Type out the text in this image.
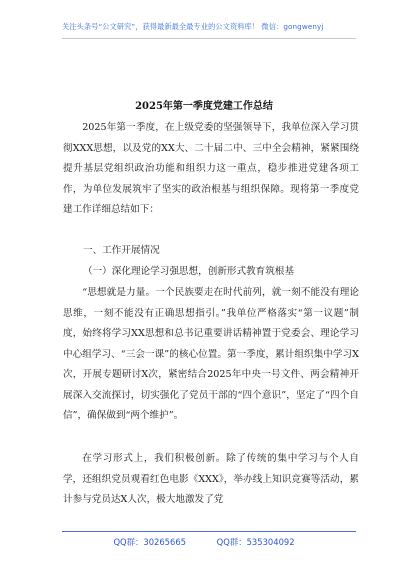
关注头条号“公文研究”，获得最新最全最专业的公文资料库！ 微信：gongwenyj
2025年第一季度党建工作总结

2025年第一季度，在上级党委的坚强领导下，我单位深入学习贯彻XXX思想，以及党的XX大、二十届二中、三中全会精神，紧紧围绕提升基层党组织政治功能和组织力这一重点，稳步推进党建各项工作，为单位发展筑牢了坚实的政治根基与组织保障。现将第一季度党建工作详细总结如下：

一、工作开展情况

（一）深化理论学习强思想，创新形式教育筑根基

“思想就是力量。一个民族要走在时代前列，就一刻不能没有理论思维，一刻不能没有正确思想指引。”我单位严格落实“第一议题”制度，始终将学习XX思想和总书记重要讲话精神置于党委会、理论学习中心组学习、“三会一课”的核心位置。第一季度，累计组织集中学习X次，开展专题研讨X次，紧密结合2025年中央一号文件、两会精神开展深入交流探讨，切实强化了党员干部的“四个意识”，坚定了“四个自信”，确保做到“两个维护”。

在学习形式上，我们积极创新。除了传统的集中学习与个人自学，还组织党员观看红色电影《XXX》，举办线上知识竞赛等活动，累计参与党员达X人次，极大地激发了党

QQ群：30265665	QQ群：535304092
